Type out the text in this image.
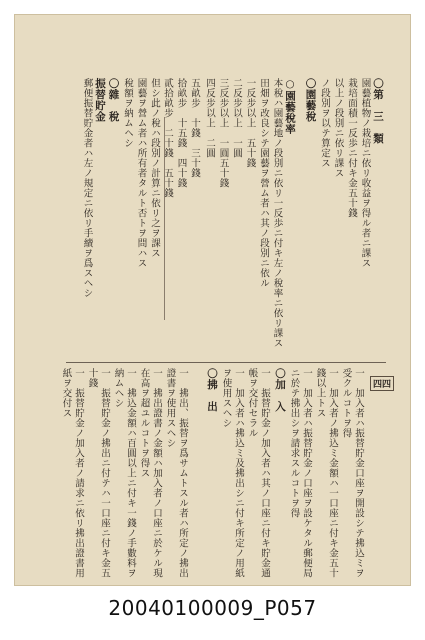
〇第　三　類
園藝植物ノ栽培ニ依リ收益ヲ得ル者ニ課ス
栽培面積一反歩ニ付キ金五十錢
以上ノ段別ニ依リ課ス
ノ段別ヲ以テ算定ス
〇園藝稅
○園藝稅率
本稅ハ園藝地ノ段別ニ依リ一反歩ニ付キ左ノ稅率ニ依リ課ス
田畑ヲ改良シテ園藝ヲ營ム者ハ其ノ段別ニ依ル
一反步以上　五十錢
二反步以上　一圓
三反步以上　一圓五十錢
四反步以上　二圓
五畝步　十錢　三十錢
拾畝步　十五錢　四十錢
貳拾畝步　二十錢　五十錢
但シ此ノ稅ハ段別ノ計算ニ依リ之ヲ課ス
園藝ヲ營ム者ハ所有者タルト否トヲ問ハス
稅額ヲ納ムヘシ
〇雜　稅
振替貯金
郵便振替貯金者ハ左ノ規定ニ依リ手續ヲ爲スヘシ
四四
一　加入者ハ振替貯金口座ヲ開設シテ拂込ミヲ受クルコトヲ得
一　加入者ノ拂込ミ金額ハ一口座ニ付キ金五十錢以上トス
一　加入者ハ振替貯金ノ口座ヲ設ケタル郵便局ニ於テ拂出シヲ請求スルコトヲ得
〇加　入
一　振替貯金ノ加入者ハ其ノ口座ニ付キ貯金通帳ヲ交付セラル
一　加入者ハ拂込ミ及拂出シニ付キ所定ノ用紙ヲ使用スヘシ
〇拂　出
一　拂出、振替ヲ爲サムトスル者ハ所定ノ拂出證書ヲ使用スヘシ
一　拂出證書ノ金額ハ加入者ノ口座ニ於ケル現在高ヲ超ユルコトヲ得ス
一　拂込金額ハ百圓以上ニ付キ一錢ノ手數料ヲ納ムヘシ
一　振替貯金ノ拂出ニ付テハ一口座ニ付キ金五十錢
一　振替貯金ノ加入者ノ請求ニ依リ拂出證書用紙ヲ交付ス
20040100009_P057
